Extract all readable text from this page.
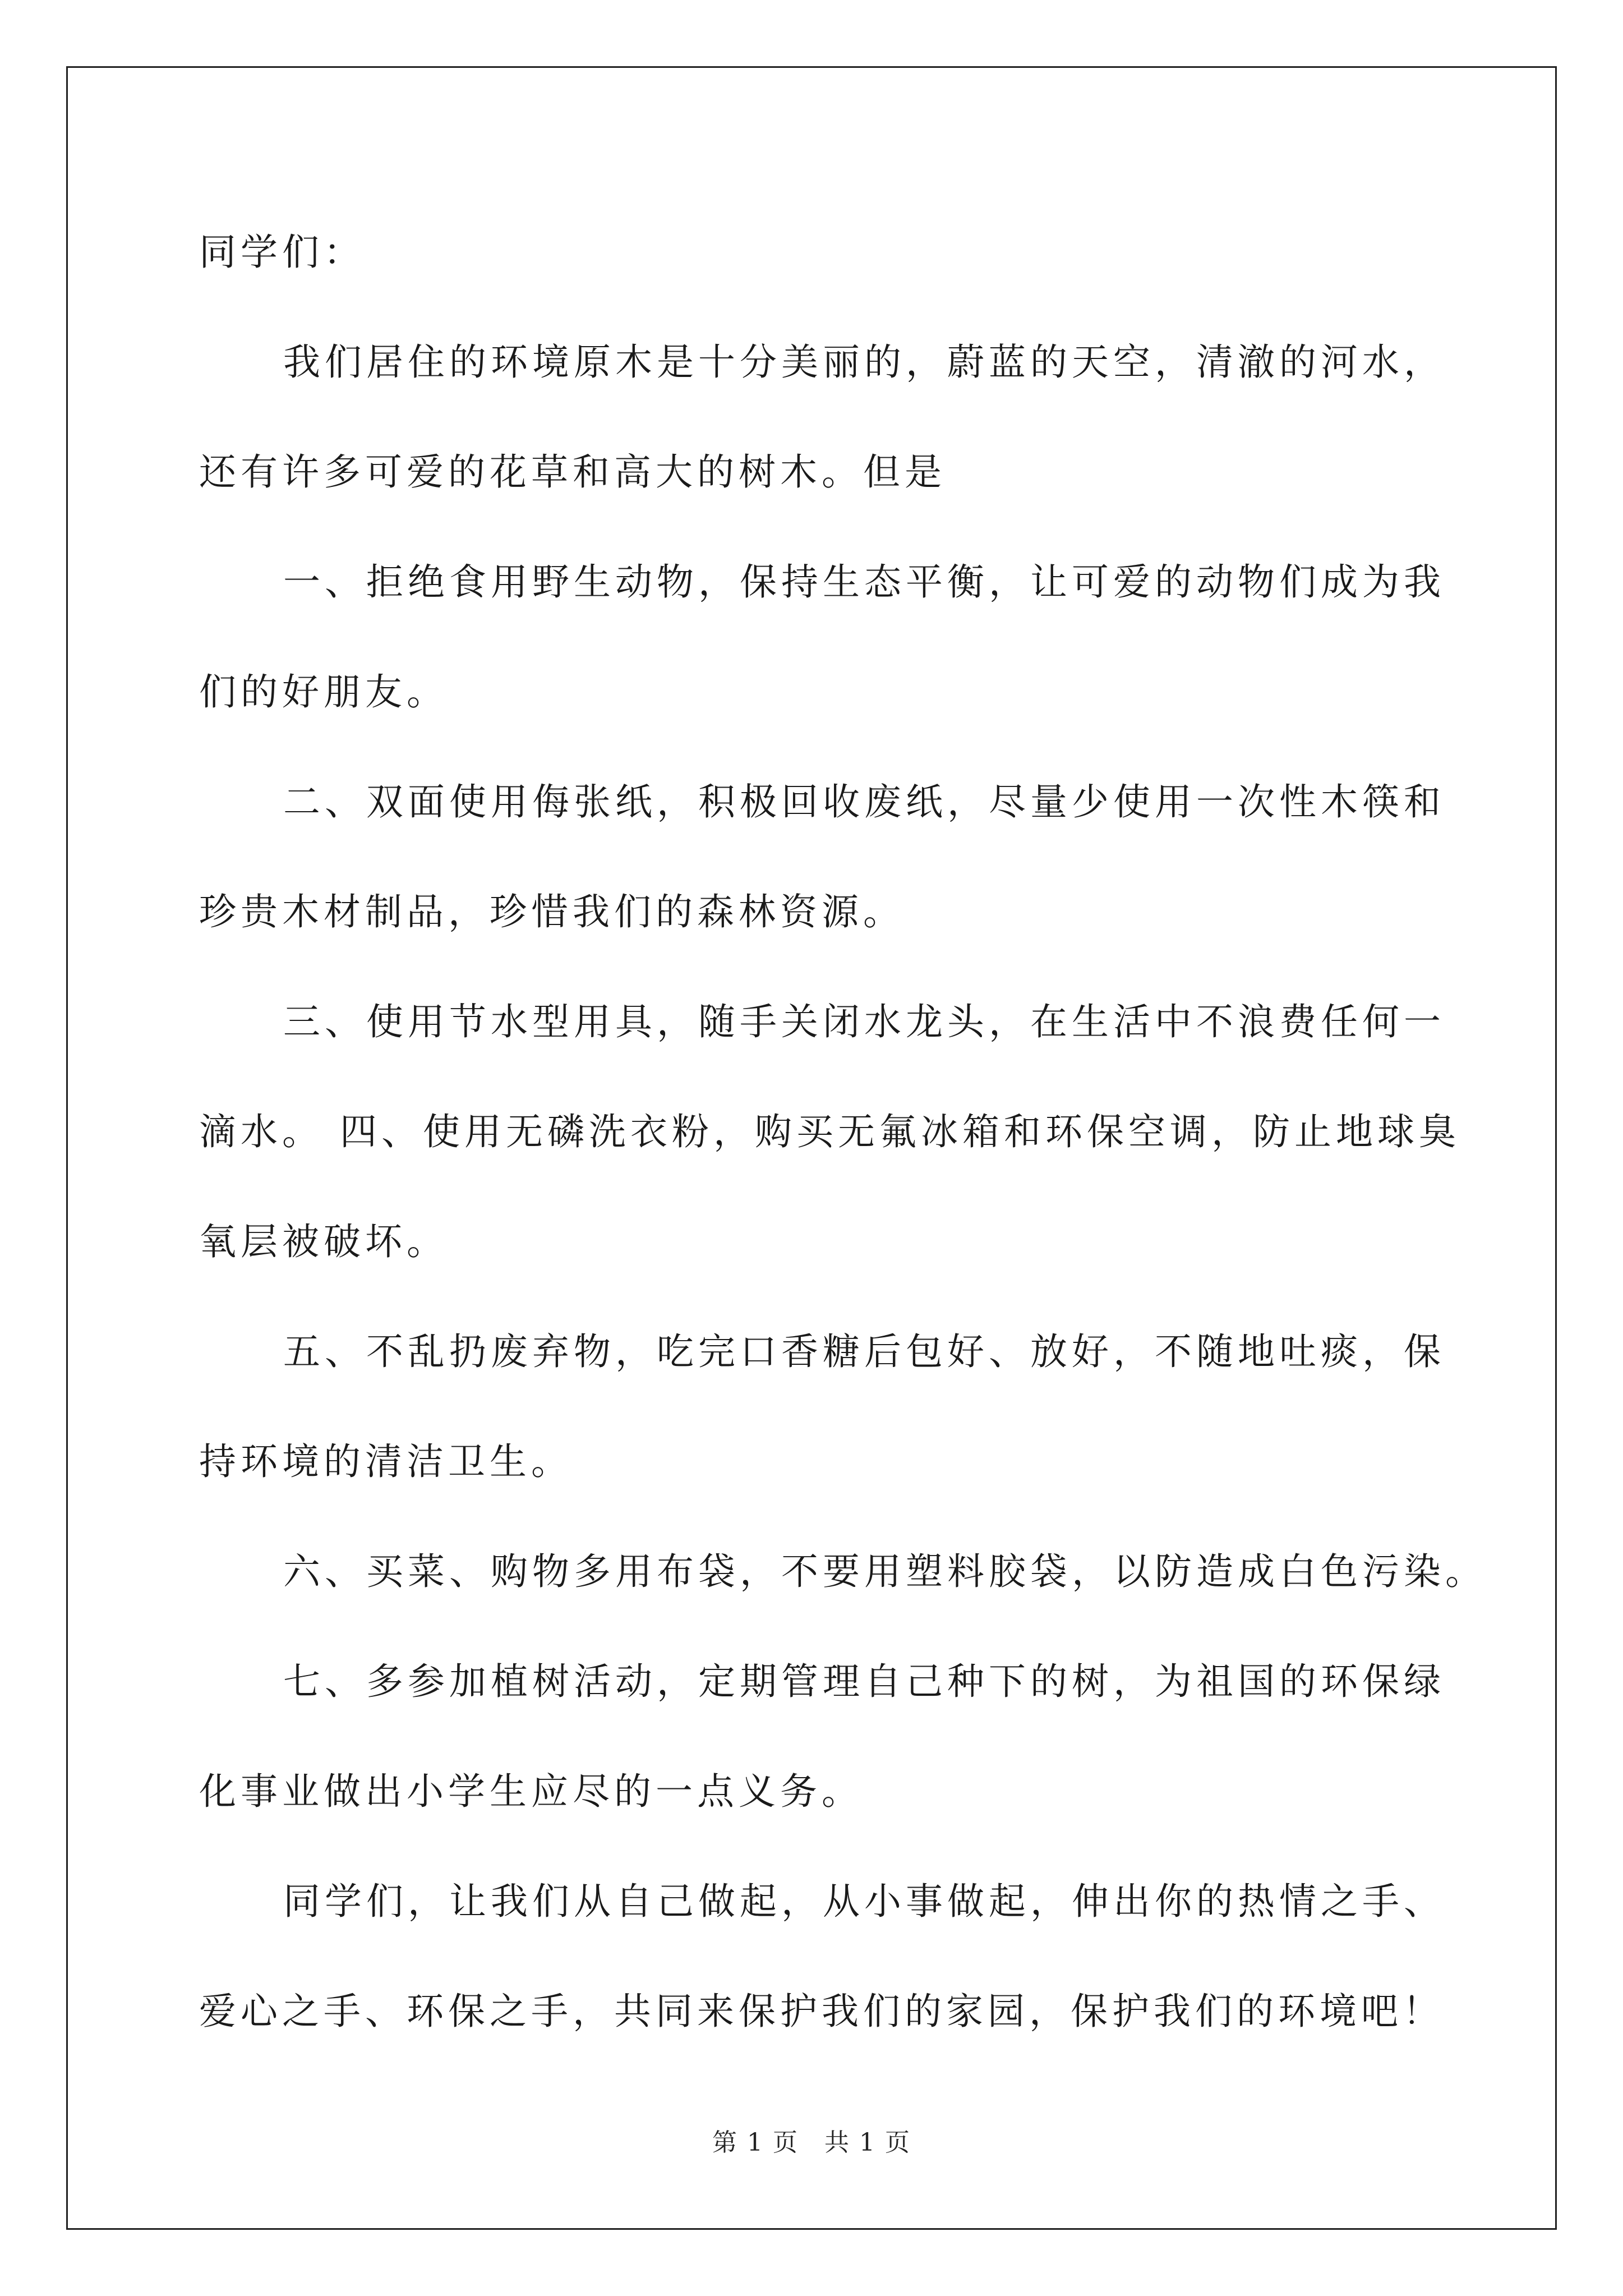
同学们：
我们居住的环境原木是十分美丽的，蔚蓝的天空，清澈的河水，
还有许多可爱的花草和高大的树木。但是
一、拒绝食用野生动物，保持生态平衡，让可爱的动物们成为我
们的好朋友。
二、双面使用侮张纸，积极回收废纸，尽量少使用一次性木筷和
珍贵木材制品，珍惜我们的森林资源。
三、使用节水型用具，随手关闭水龙头，在生活中不浪费任何一
滴水。 四、使用无磷洗衣粉，购买无氟冰箱和环保空调，防止地球臭
氧层被破坏。
五、不乱扔废弃物，吃完口香糖后包好、放好，不随地吐痰，保
持环境的清洁卫生。
六、买菜、购物多用布袋，不要用塑料胶袋，以防造成白色污染。
七、多参加植树活动，定期管理自己种下的树，为祖国的环保绿
化事业做出小学生应尽的一点义务。
同学们，让我们从自己做起，从小事做起，伸出你的热情之手、
爱心之手、环保之手，共同来保护我们的家园，保护我们的环境吧！
第 1 页　共 1 页
